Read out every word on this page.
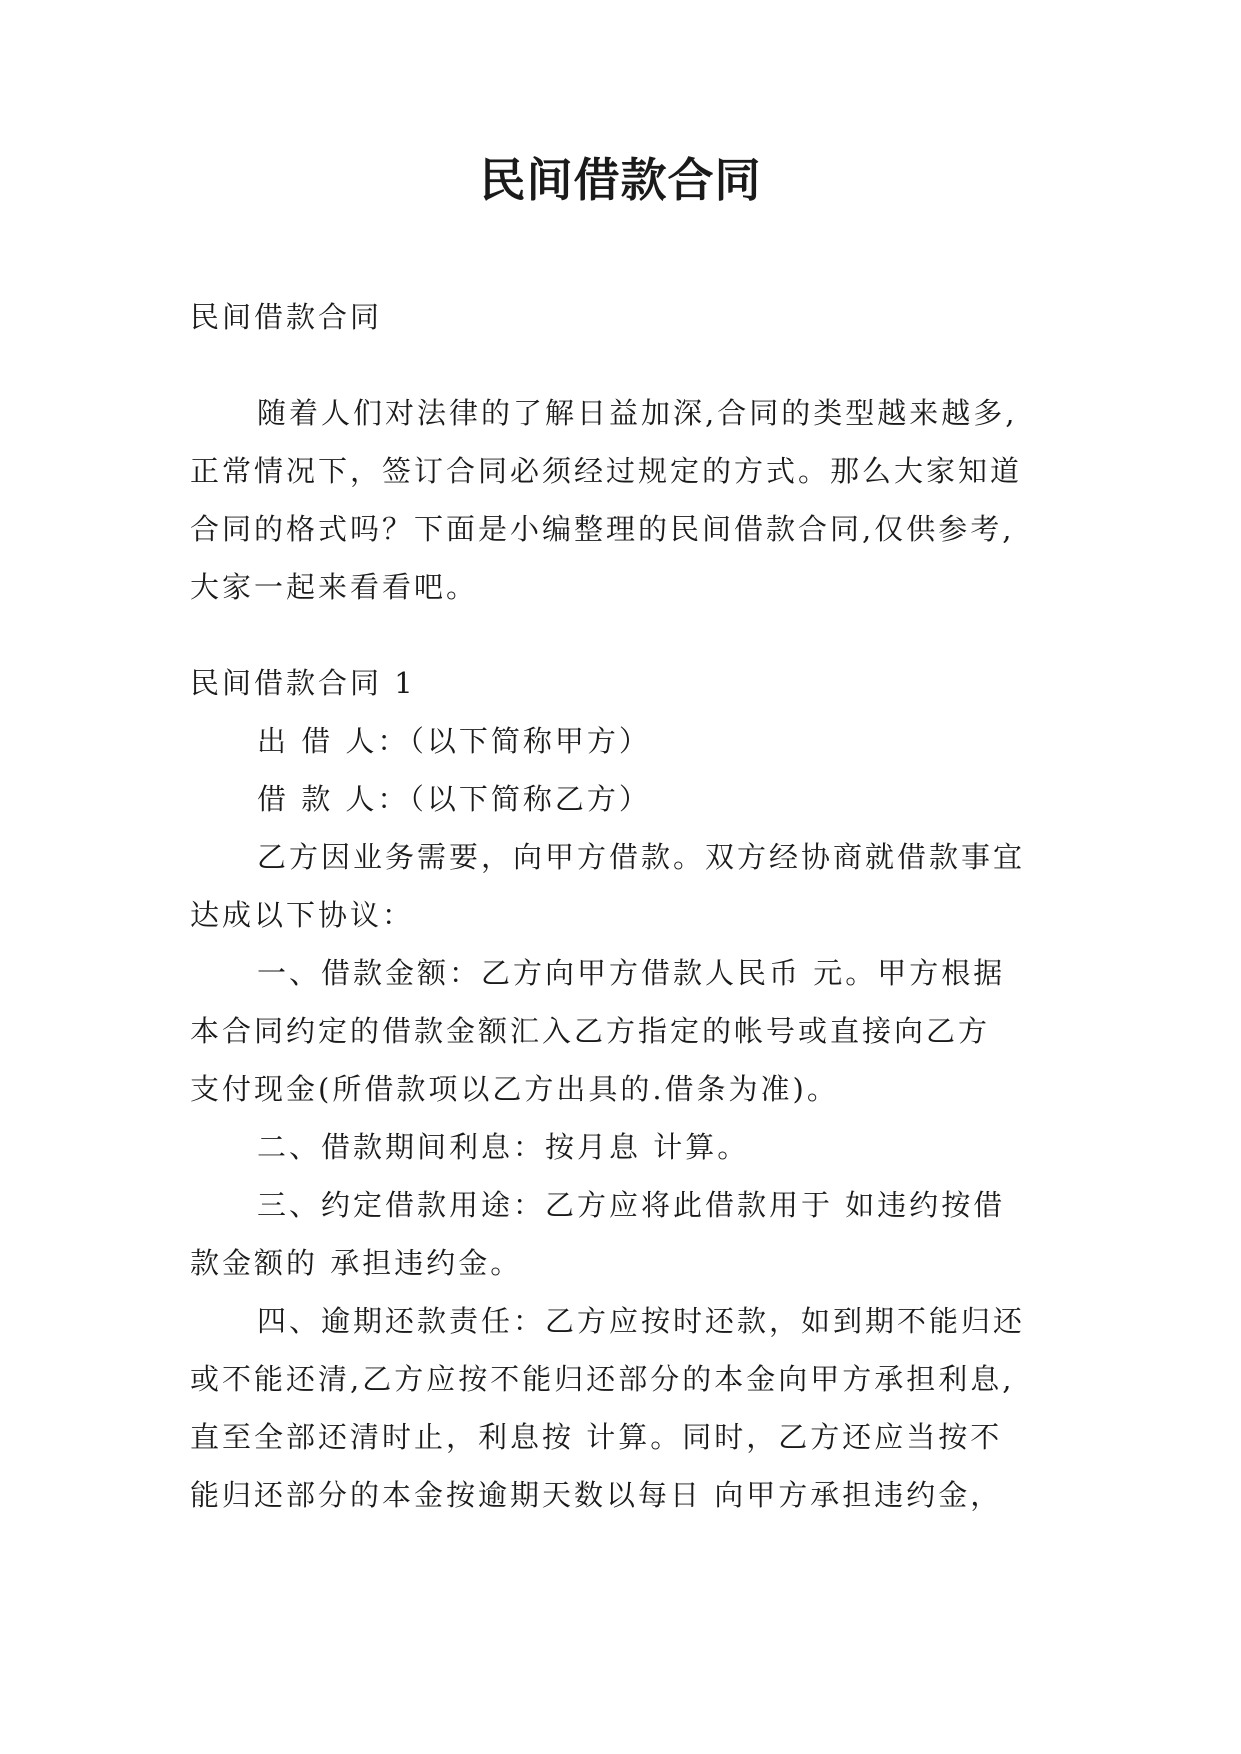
民间借款合同

民间借款合同

随着人们对法律的了解日益加深,合同的类型越来越多,

正常情况下，签订合同必须经过规定的方式。那么大家知道

合同的格式吗？下面是小编整理的民间借款合同,仅供参考,

大家一起来看看吧。

民间借款合同 1

出 借 人：（以下简称甲方）

借 款 人：（以下简称乙方）

乙方因业务需要，向甲方借款。双方经协商就借款事宜

达成以下协议：

一、借款金额：乙方向甲方借款人民币 元。甲方根据

本合同约定的借款金额汇入乙方指定的帐号或直接向乙方

支付现金(所借款项以乙方出具的.借条为准)。

二、借款期间利息：按月息 计算。

三、约定借款用途：乙方应将此借款用于 如违约按借

款金额的 承担违约金。

四、逾期还款责任：乙方应按时还款，如到期不能归还

或不能还清,乙方应按不能归还部分的本金向甲方承担利息,

直至全部还清时止，利息按 计算。同时，乙方还应当按不

能归还部分的本金按逾期天数以每日 向甲方承担违约金，
